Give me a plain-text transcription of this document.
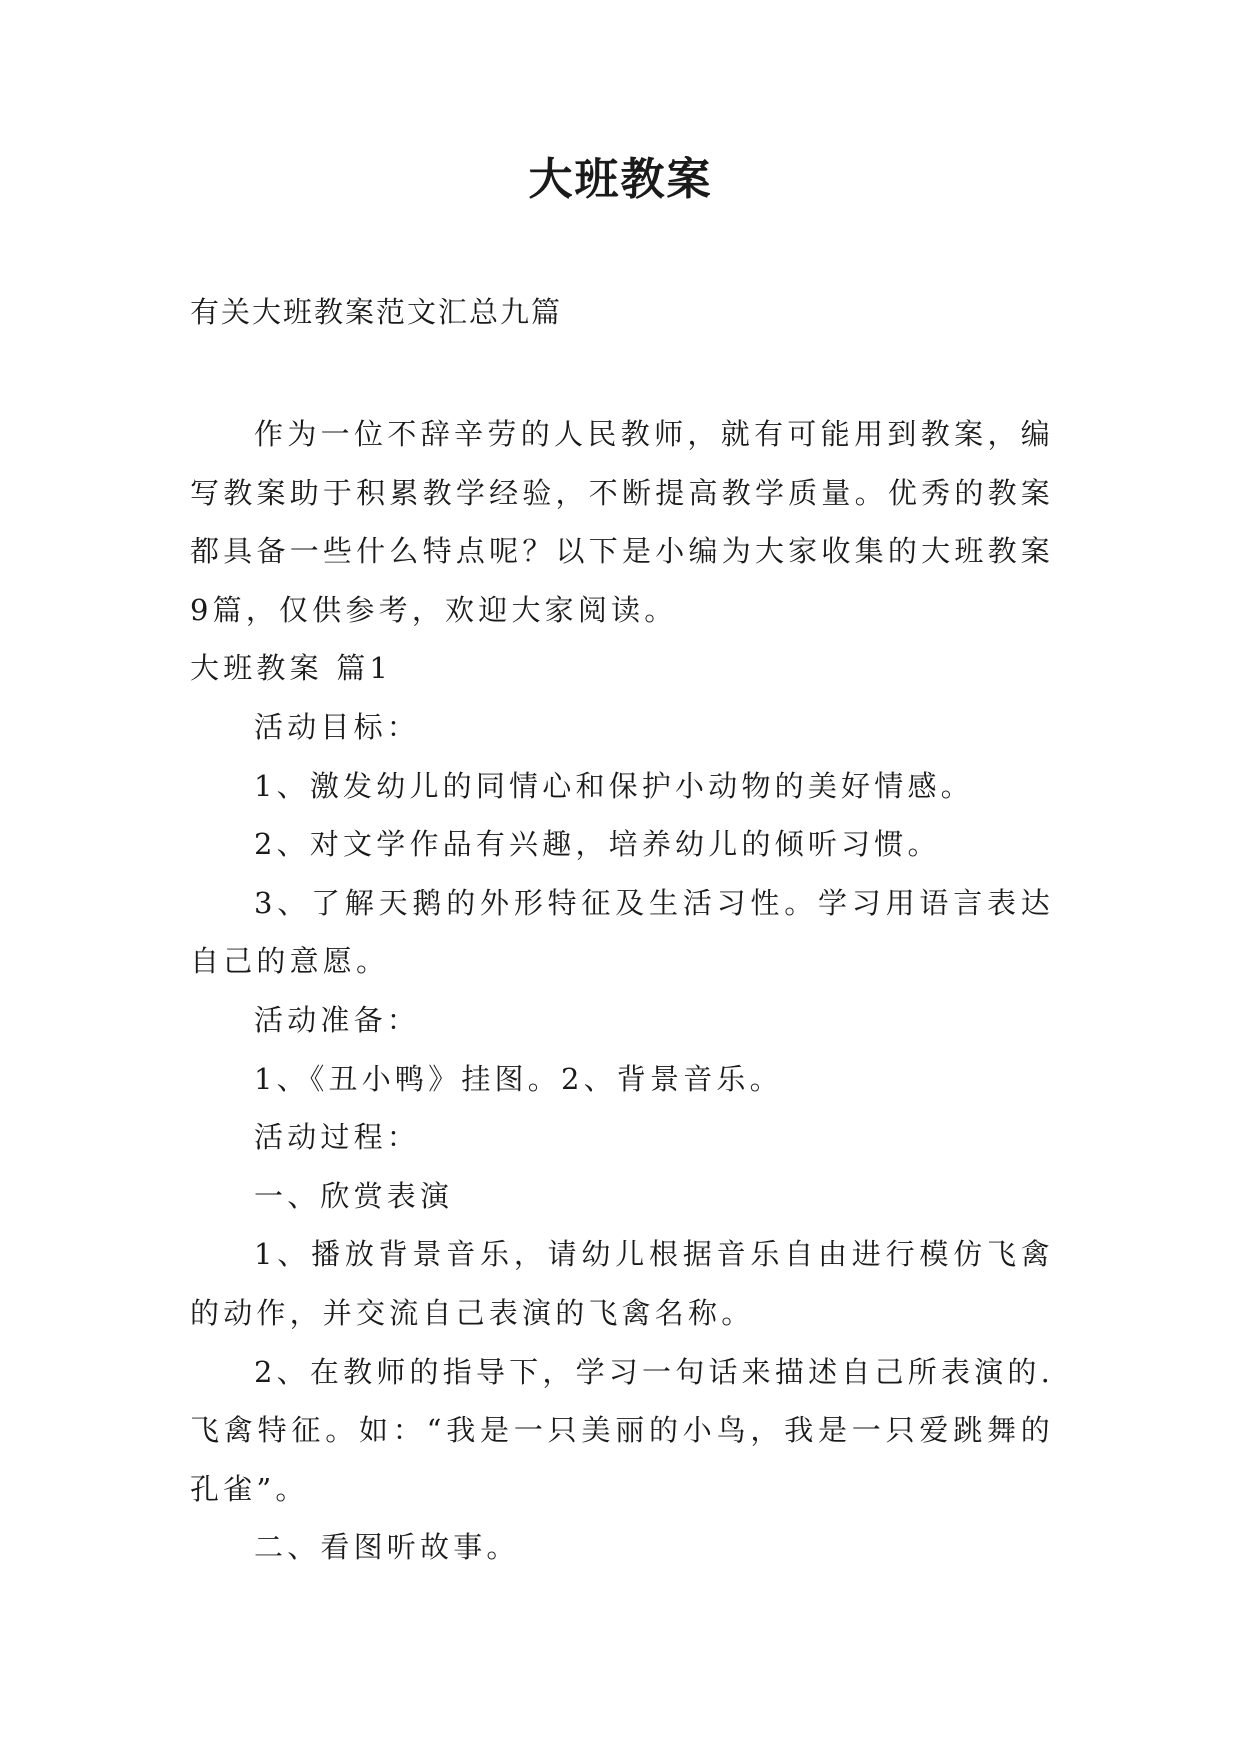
大班教案
有关大班教案范文汇总九篇

作为一位不辞辛劳的人民教师，就有可能用到教案，编写教案助于积累教学经验，不断提高教学质量。优秀的教案都具备一些什么特点呢？以下是小编为大家收集的大班教案9篇，仅供参考，欢迎大家阅读。

大班教案 篇1

活动目标：

1、激发幼儿的同情心和保护小动物的美好情感。

2、对文学作品有兴趣，培养幼儿的倾听习惯。

3、了解天鹅的外形特征及生活习性。学习用语言表达自己的意愿。

活动准备：

1、《丑小鸭》挂图。2、背景音乐。

活动过程：

一、欣赏表演

1、播放背景音乐，请幼儿根据音乐自由进行模仿飞禽的动作，并交流自己表演的飞禽名称。

2、在教师的指导下，学习一句话来描述自己所表演的.飞禽特征。如：“我是一只美丽的小鸟，我是一只爱跳舞的孔雀”。

二、看图听故事。
